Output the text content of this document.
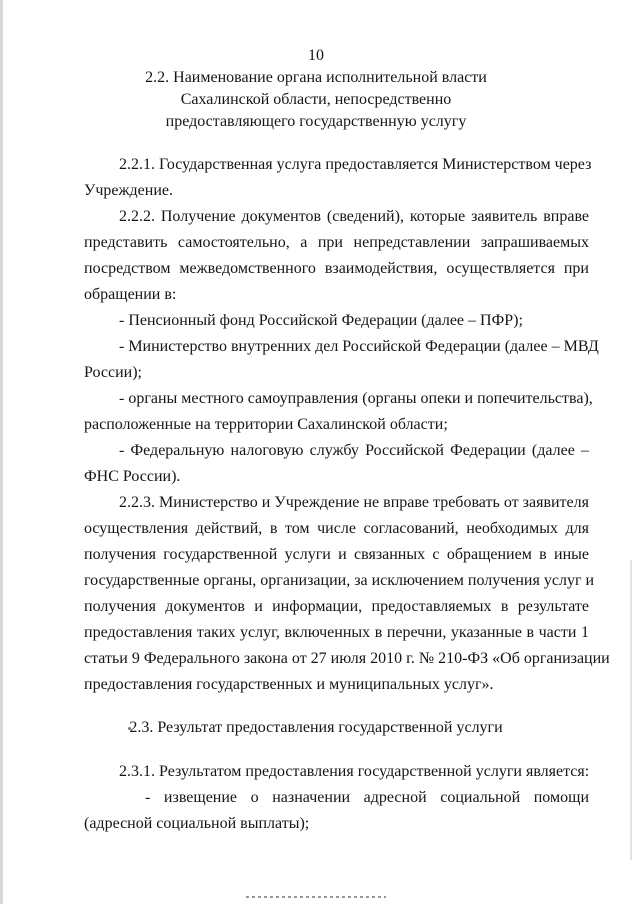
10
2.2. Наименование органа исполнительной власти
Сахалинской области, непосредственно
предоставляющего государственную услугу
2.2.1. Государственная услуга предоставляется Министерством через
Учреждение.
2.2.2. Получение документов (сведений), которые заявитель вправе
представить самостоятельно, а при непредставлении запрашиваемых
посредством межведомственного взаимодействия, осуществляется при
обращении в:
- Пенсионный фонд Российской Федерации (далее – ПФР);
- Министерство внутренних дел Российской Федерации (далее – МВД
России);
- органы местного самоуправления (органы опеки и попечительства),
расположенные на территории Сахалинской области;
- Федеральную налоговую службу Российской Федерации (далее –
ФНС России).
2.2.3. Министерство и Учреждение не вправе требовать от заявителя
осуществления действий, в том числе согласований, необходимых для
получения государственной услуги и связанных с обращением в иные
государственные органы, организации, за исключением получения услуг и
получения документов и информации, предоставляемых в результате
предоставления таких услуг, включенных в перечни, указанные в части 1
статьи 9 Федерального закона от 27 июля 2010 г. № 210-ФЗ «Об организации
предоставления государственных и муниципальных услуг».
2.3. Результат предоставления государственной услуги
2.3.1. Результатом предоставления государственной услуги является:
- извещение о назначении адресной социальной помощи
(адресной социальной выплаты);
